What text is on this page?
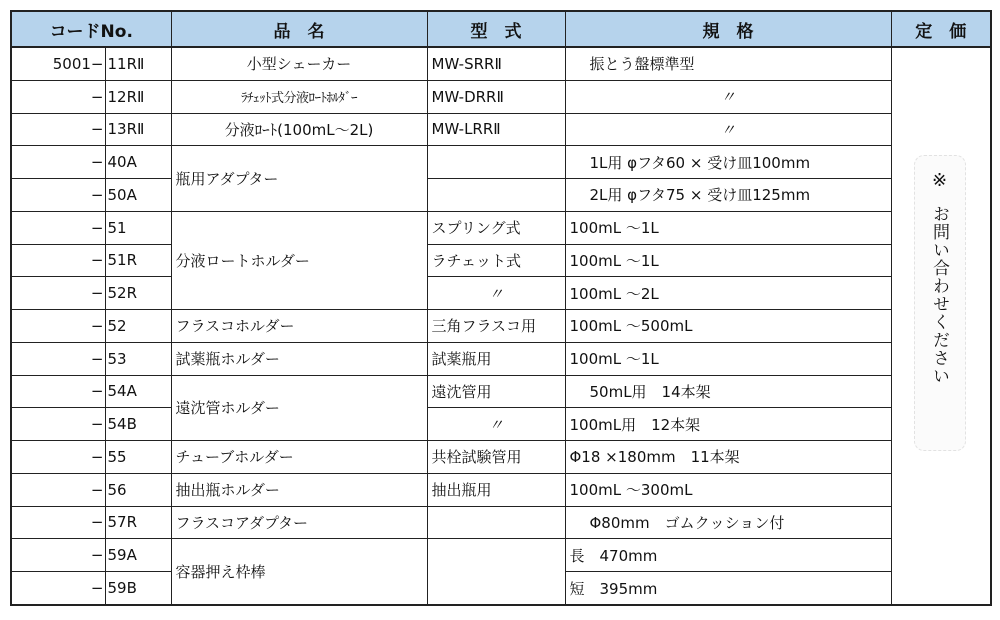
コードNo.		品　名	型　式	規　格	定　価
5001−	11RⅡ	小型シェーカー	MW-SRRⅡ	振とう盤標準型	※
お問い合わせください

−	12RⅡ	ﾗﾁｪｯﾄ式分液ﾛｰﾄﾎﾙﾀﾞｰ	MW-DRRⅡ	〃	
−	13RⅡ	分液ﾛｰﾄ(100mL〜2L)	MW-LRRⅡ	〃	
−	40A	瓶用アダプター		1L用 φフタ60 × 受け皿100mm	
−	50A			2L用 φフタ75 × 受け皿125mm	
−	51	分液ロートホルダー	スプリング式	100mL 〜1L	
−	51R		ラチェット式	100mL 〜1L	
−	52R		〃	100mL 〜2L	
−	52	フラスコホルダー	三角フラスコ用	100mL 〜500mL	
−	53	試薬瓶ホルダー	試薬瓶用	100mL 〜1L	
−	54A	遠沈管ホルダー	遠沈管用	50mL用　14本架	
−	54B		〃	100mL用　12本架	
−	55	チューブホルダー	共栓試験管用	Φ18 ×180mm　11本架	
−	56	抽出瓶ホルダー	抽出瓶用	100mL 〜300mL	
−	57R	フラスコアダプター		Φ80mm　ゴムクッション付	
−	59A	容器押え枠棒		長　470mm	
−	59B			短　395mm	
